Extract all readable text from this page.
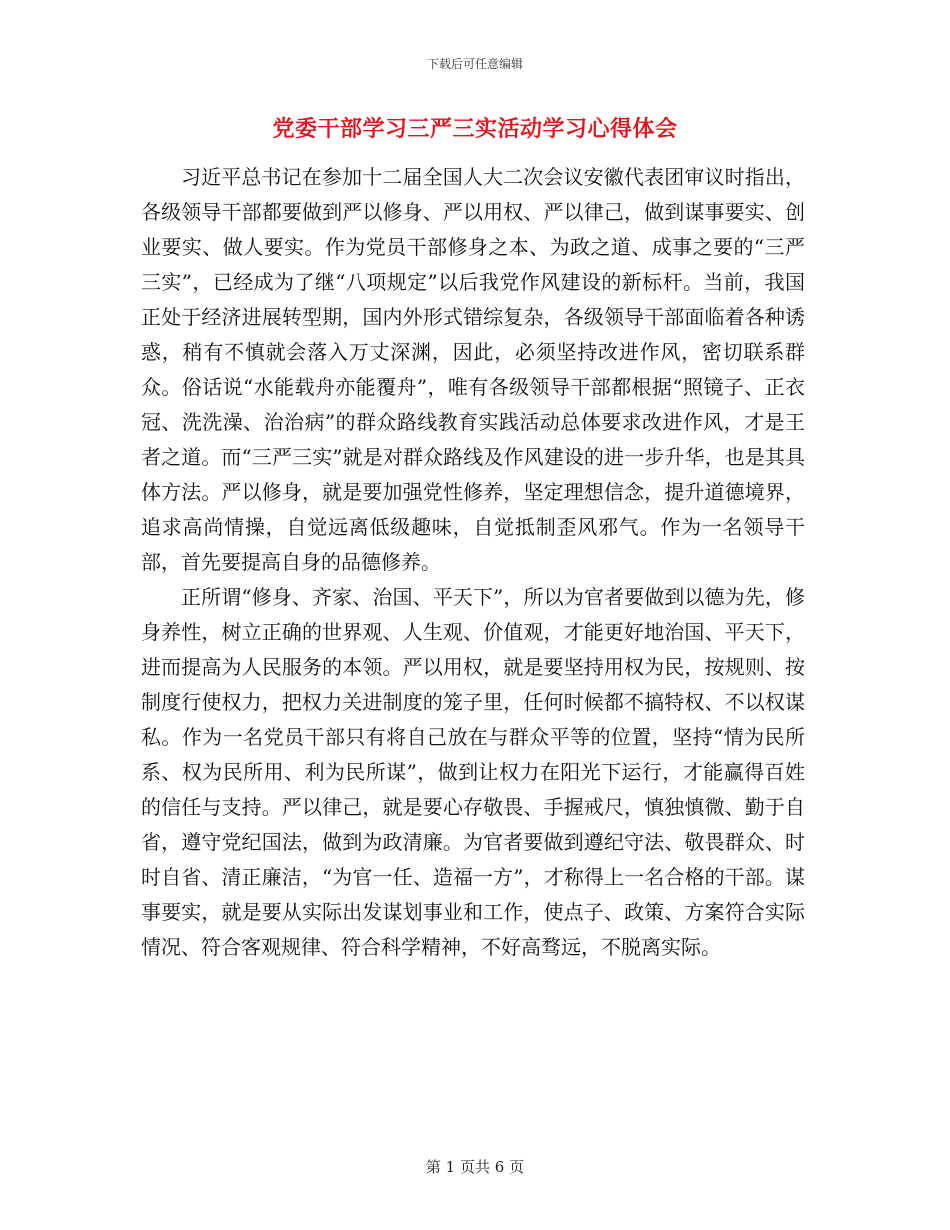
下载后可任意编辑
党委干部学习三严三实活动学习心得体会

习近平总书记在参加十二届全国人大二次会议安徽代表团审议时指出，各级领导干部都要做到严以修身、严以用权、严以律己，做到谋事要实、创业要实、做人要实。作为党员干部修身之本、为政之道、成事之要的“三严三实”，已经成为了继“八项规定”以后我党作风建设的新标杆。当前，我国正处于经济进展转型期，国内外形式错综复杂，各级领导干部面临着各种诱惑，稍有不慎就会落入万丈深渊，因此，必须坚持改进作风，密切联系群众。俗话说“水能载舟亦能覆舟”，唯有各级领导干部都根据“照镜子、正衣冠、洗洗澡、治治病”的群众路线教育实践活动总体要求改进作风，才是王者之道。而“三严三实”就是对群众路线及作风建设的进一步升华，也是其具体方法。严以修身，就是要加强党性修养，坚定理想信念，提升道德境界，追求高尚情操，自觉远离低级趣味，自觉抵制歪风邪气。作为一名领导干部，首先要提高自身的品德修养。

正所谓“修身、齐家、治国、平天下”，所以为官者要做到以德为先，修身养性，树立正确的世界观、人生观、价值观，才能更好地治国、平天下，进而提高为人民服务的本领。严以用权，就是要坚持用权为民，按规则、按制度行使权力，把权力关进制度的笼子里，任何时候都不搞特权、不以权谋私。作为一名党员干部只有将自己放在与群众平等的位置，坚持“情为民所系、权为民所用、利为民所谋”，做到让权力在阳光下运行，才能赢得百姓的信任与支持。严以律己，就是要心存敬畏、手握戒尺，慎独慎微、勤于自省，遵守党纪国法，做到为政清廉。为官者要做到遵纪守法、敬畏群众、时时自省、清正廉洁，“为官一任、造福一方”，才称得上一名合格的干部。谋事要实，就是要从实际出发谋划事业和工作，使点子、政策、方案符合实际情况、符合客观规律、符合科学精神，不好高骛远，不脱离实际。

第 1 页共 6 页
